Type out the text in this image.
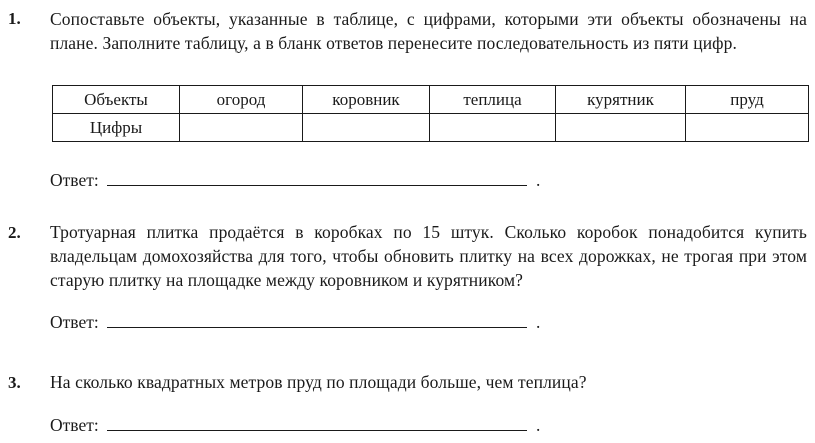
1. Сопоставьте объекты, указанные в таблице, с цифрами, которыми эти объекты обозначены на плане. Заполните таблицу, а в бланк ответов перенесите последовательность из пяти цифр.
Объекты	огород	коровник	теплица	курятник	пруд
Цифры					
Ответ:	.
2. Тротуарная плитка продаётся в коробках по 15 штук. Сколько коробок понадобится купить владельцам домохозяйства для того, чтобы обновить плитку на всех дорожках, не трогая при этом старую плитку на площадке между коровником и курятником?
Ответ:	.
3. На сколько квадратных метров пруд по площади больше, чем теплица?
Ответ:	.
